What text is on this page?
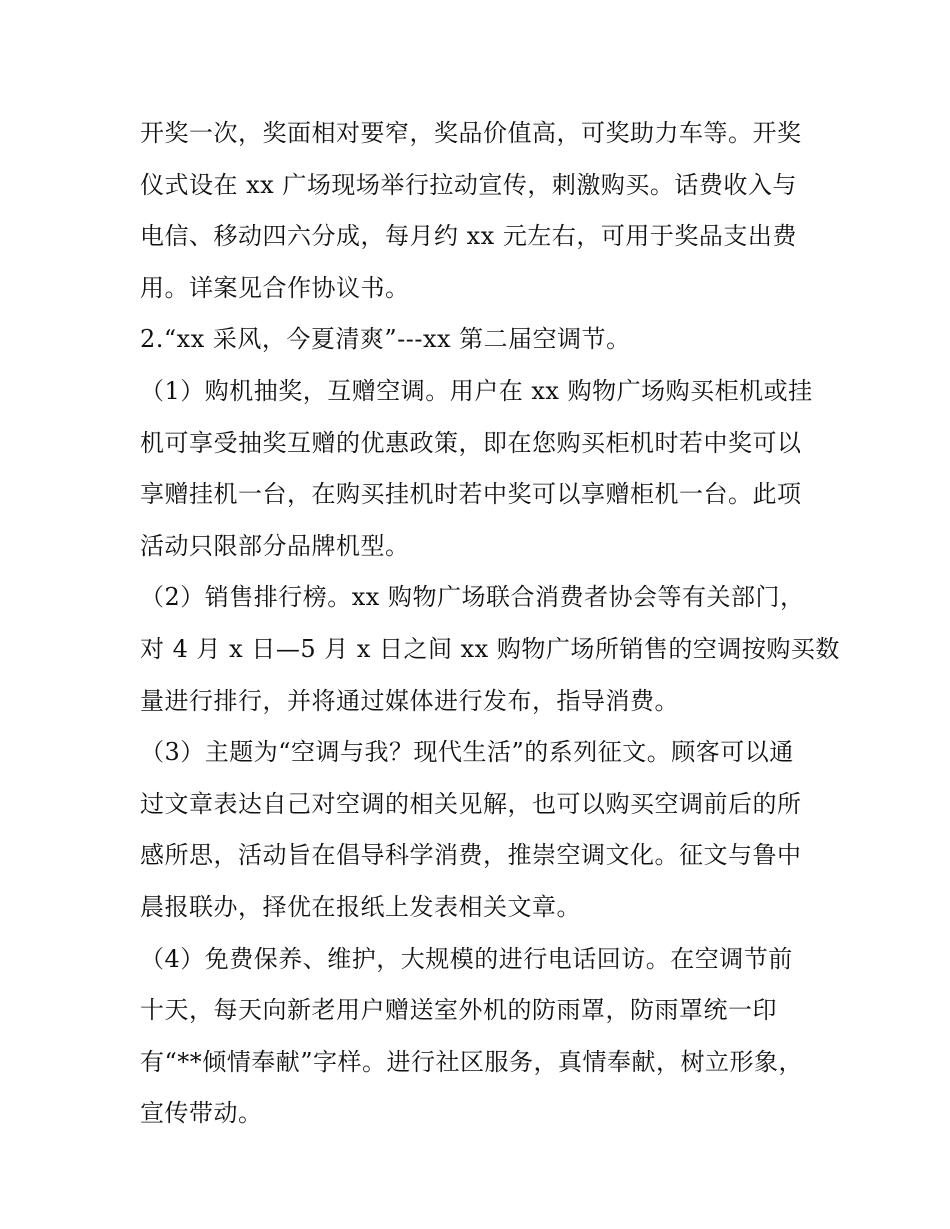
开奖一次，奖面相对要窄，奖品价值高，可奖助力车等。开奖
仪式设在 xx 广场现场举行拉动宣传，刺激购买。话费收入与
电信、移动四六分成，每月约 xx 元左右，可用于奖品支出费
用。详案见合作协议书。
2.“xx 采风，今夏清爽”---xx 第二届空调节。
（1）购机抽奖，互赠空调。用户在 xx 购物广场购买柜机或挂
机可享受抽奖互赠的优惠政策，即在您购买柜机时若中奖可以
享赠挂机一台，在购买挂机时若中奖可以享赠柜机一台。此项
活动只限部分品牌机型。
（2）销售排行榜。xx 购物广场联合消费者协会等有关部门，
对 4 月 x 日—5 月 x 日之间 xx 购物广场所销售的空调按购买数
量进行排行，并将通过媒体进行发布，指导消费。
（3）主题为“空调与我？现代生活”的系列征文。顾客可以通
过文章表达自己对空调的相关见解，也可以购买空调前后的所
感所思，活动旨在倡导科学消费，推崇空调文化。征文与鲁中
晨报联办，择优在报纸上发表相关文章。
（4）免费保养、维护，大规模的进行电话回访。在空调节前
十天，每天向新老用户赠送室外机的防雨罩，防雨罩统一印
有“**倾情奉献”字样。进行社区服务，真情奉献，树立形象，
宣传带动。
